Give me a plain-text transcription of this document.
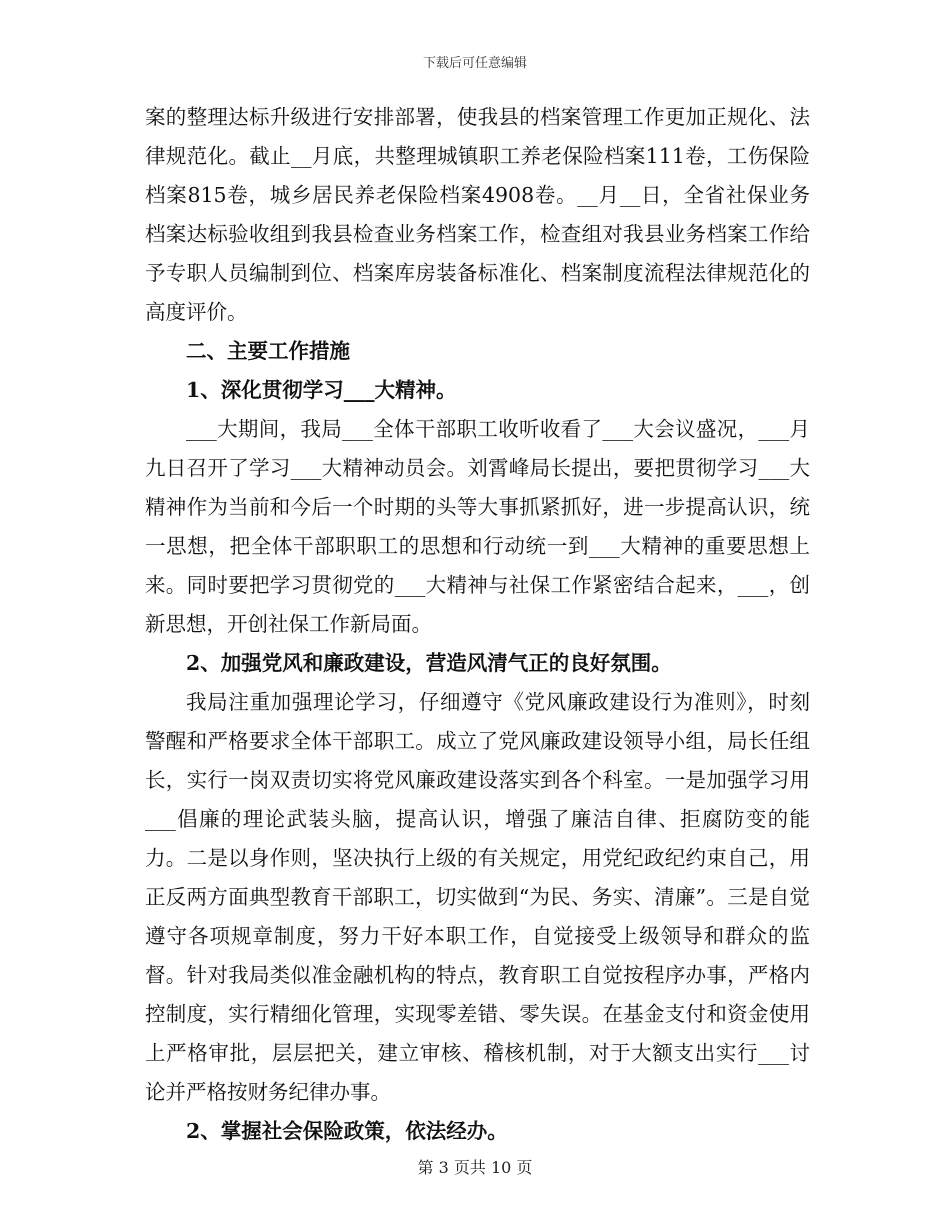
下载后可任意编辑

案的整理达标升级进行安排部署，使我县的档案管理工作更加正规化、法律规范化。截止__月底，共整理城镇职工养老保险档案111卷，工伤保险档案815卷，城乡居民养老保险档案4908卷。__月__日，全省社保业务档案达标验收组到我县检查业务档案工作，检查组对我县业务档案工作给予专职人员编制到位、档案库房装备标准化、档案制度流程法律规范化的高度评价。

二、主要工作措施

1、深化贯彻学习___大精神。

___大期间，我局___全体干部职工收听收看了___大会议盛况，___月九日召开了学习___大精神动员会。刘霄峰局长提出，要把贯彻学习___大精神作为当前和今后一个时期的头等大事抓紧抓好，进一步提高认识，统一思想，把全体干部职职工的思想和行动统一到___大精神的重要思想上来。同时要把学习贯彻党的___大精神与社保工作紧密结合起来，___，创新思想，开创社保工作新局面。

2、加强党风和廉政建设，营造风清气正的良好氛围。

我局注重加强理论学习，仔细遵守《党风廉政建设行为准则》，时刻警醒和严格要求全体干部职工。成立了党风廉政建设领导小组，局长任组长，实行一岗双责切实将党风廉政建设落实到各个科室。一是加强学习用___倡廉的理论武装头脑，提高认识，增强了廉洁自律、拒腐防变的能力。二是以身作则，坚决执行上级的有关规定，用党纪政纪约束自己，用正反两方面典型教育干部职工，切实做到“为民、务实、清廉”。三是自觉遵守各项规章制度，努力干好本职工作，自觉接受上级领导和群众的监督。针对我局类似准金融机构的特点，教育职工自觉按程序办事，严格内控制度，实行精细化管理，实现零差错、零失误。在基金支付和资金使用上严格审批，层层把关，建立审核、稽核机制，对于大额支出实行___讨论并严格按财务纪律办事。

2、掌握社会保险政策，依法经办。

第 3 页共 10 页
